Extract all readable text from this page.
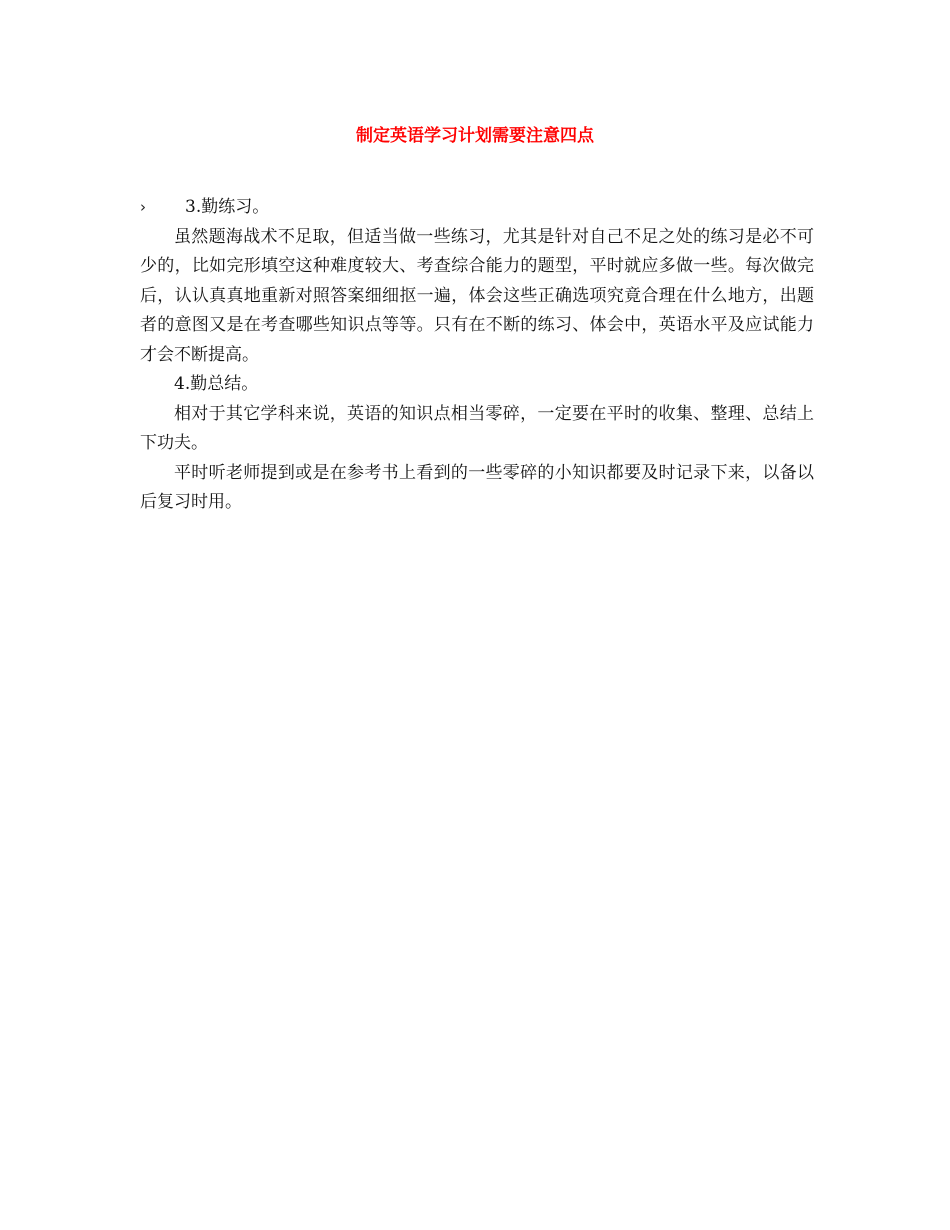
制定英语学习计划需要注意四点
› 3.勤练习。

虽然题海战术不足取，但适当做一些练习，尤其是针对自己不足之处的练习是必不可少的，比如完形填空这种难度较大、考查综合能力的题型，平时就应多做一些。每次做完后，认认真真地重新对照答案细细抠一遍，体会这些正确选项究竟合理在什么地方，出题者的意图又是在考查哪些知识点等等。只有在不断的练习、体会中，英语水平及应试能力才会不断提高。

4.勤总结。

相对于其它学科来说，英语的知识点相当零碎，一定要在平时的收集、整理、总结上下功夫。

平时听老师提到或是在参考书上看到的一些零碎的小知识都要及时记录下来，以备以后复习时用。
